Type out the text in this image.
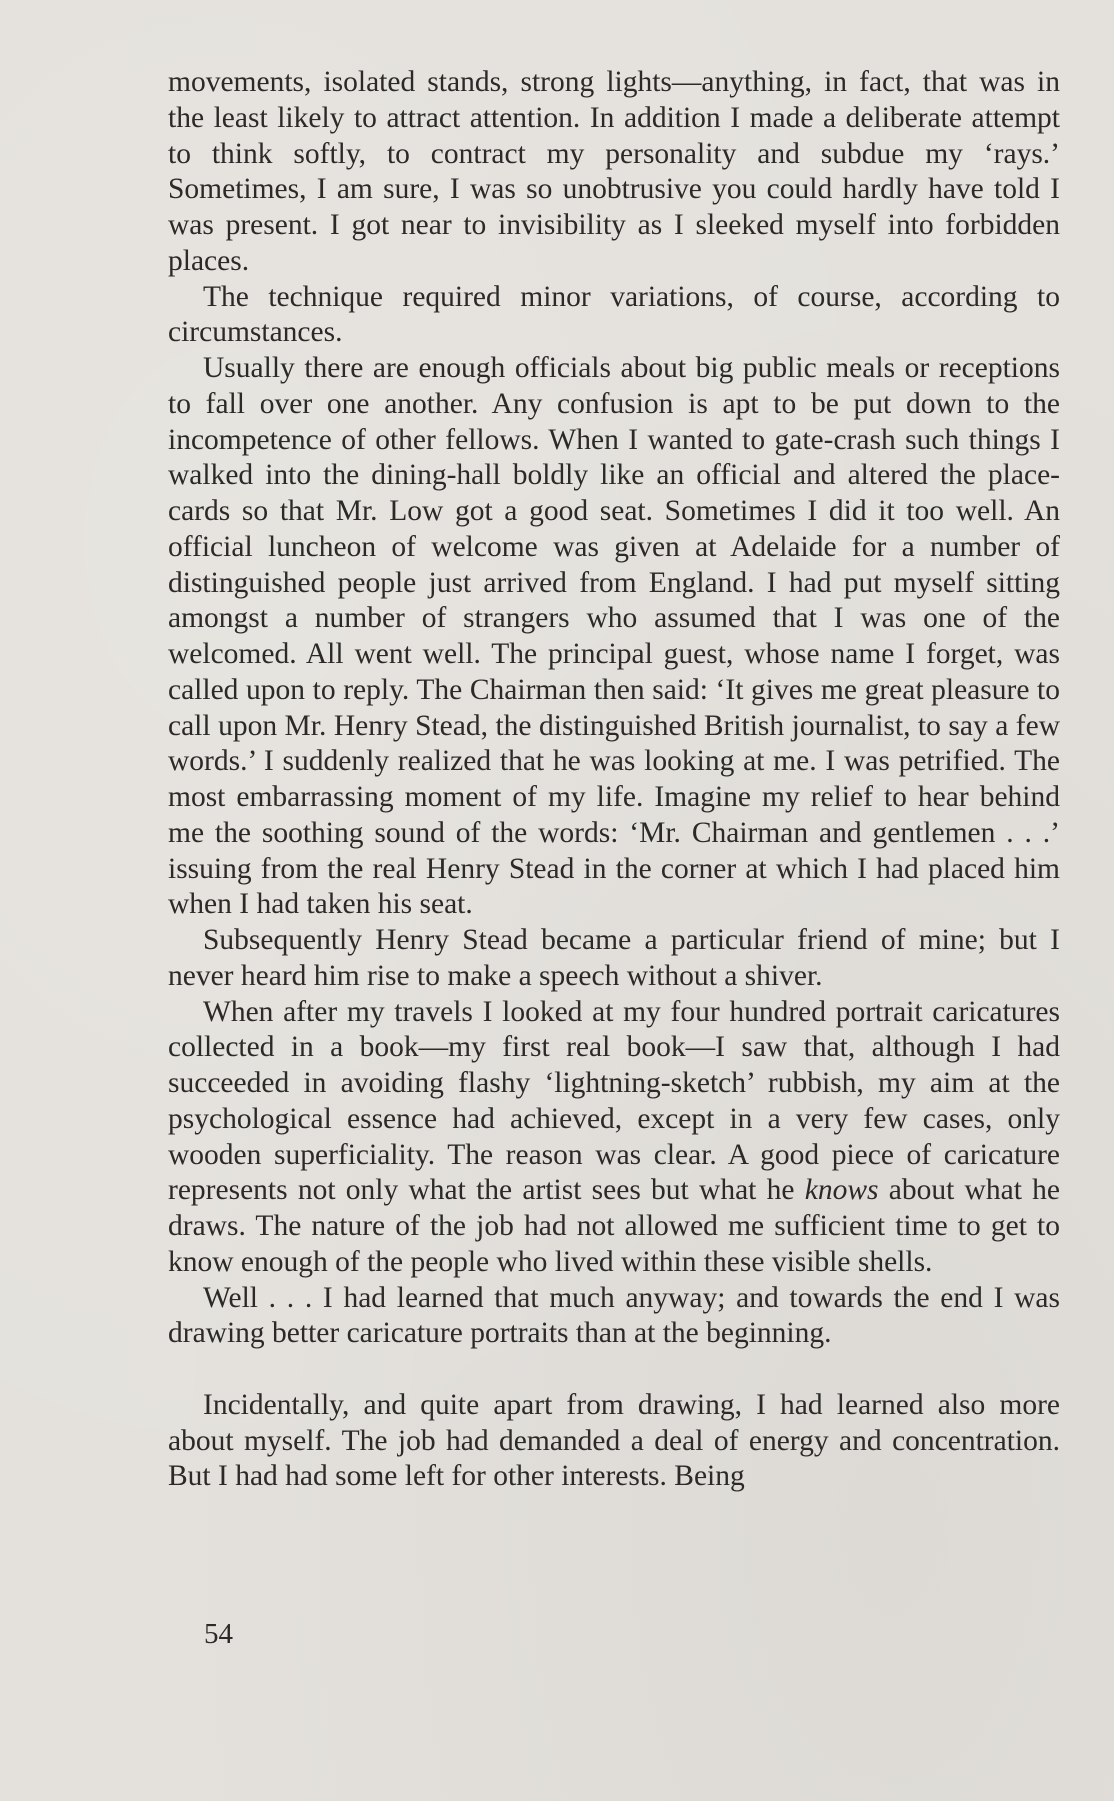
movements, isolated stands, strong lights—anything, in fact, that was in the least likely to attract attention. In addition I made a deliberate attempt to think softly, to contract my personality and subdue my ‘rays.’ Sometimes, I am sure, I was so unobtrusive you could hardly have told I was present. I got near to invisibility as I sleeked myself into forbidden places.

The technique required minor variations, of course, according to circumstances.

Usually there are enough officials about big public meals or receptions to fall over one another. Any confusion is apt to be put down to the incompetence of other fellows. When I wanted to gate-crash such things I walked into the dining-hall boldly like an official and altered the place-cards so that Mr. Low got a good seat. Sometimes I did it too well. An official luncheon of welcome was given at Adelaide for a number of distinguished people just arrived from England. I had put myself sitting amongst a number of strangers who assumed that I was one of the welcomed. All went well. The principal guest, whose name I forget, was called upon to reply. The Chairman then said: ‘It gives me great pleasure to call upon Mr. Henry Stead, the distinguished British journalist, to say a few words.’ I suddenly realized that he was looking at me. I was petrified. The most embarrassing moment of my life. Imagine my relief to hear behind me the soothing sound of the words: ‘Mr. Chairman and gentlemen . . .’ issuing from the real Henry Stead in the corner at which I had placed him when I had taken his seat.

Subsequently Henry Stead became a particular friend of mine; but I never heard him rise to make a speech without a shiver.

When after my travels I looked at my four hundred portrait caricatures collected in a book—my first real book—I saw that, although I had succeeded in avoiding flashy ‘lightning-sketch’ rubbish, my aim at the psychological essence had achieved, except in a very few cases, only wooden superficiality. The reason was clear. A good piece of caricature represents not only what the artist sees but what he knows about what he draws. The nature of the job had not allowed me sufficient time to get to know enough of the people who lived within these visible shells.

Well . . . I had learned that much anyway; and towards the end I was drawing better caricature portraits than at the beginning.

Incidentally, and quite apart from drawing, I had learned also more about myself. The job had demanded a deal of energy and concentration. But I had had some left for other interests. Being

54
